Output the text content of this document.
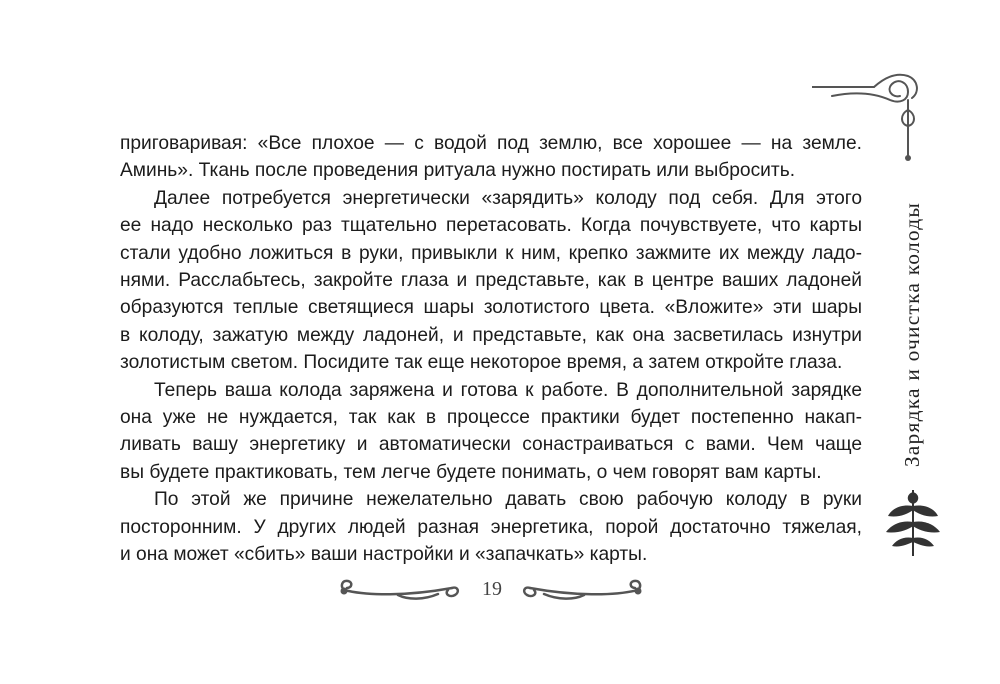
приговаривая: «Все плохое — с водой под землю, все хорошее — на земле.
Аминь». Ткань после проведения ритуала нужно постирать или выбросить.
Далее потребуется энергетически «зарядить» колоду под себя. Для этого
ее надо несколько раз тщательно перетасовать. Когда почувствуете, что карты
стали удобно ложиться в руки, привыкли к ним, крепко зажмите их между ладо-
нями. Расслабьтесь, закройте глаза и представьте, как в центре ваших ладоней
образуются теплые светящиеся шары золотистого цвета. «Вложите» эти шары
в колоду, зажатую между ладоней, и представьте, как она засветилась изнутри
золотистым светом. Посидите так еще некоторое время, а затем откройте глаза.
Теперь ваша колода заряжена и готова к работе. В дополнительной зарядке
она уже не нуждается, так как в процессе практики будет постепенно накап-
ливать вашу энергетику и автоматически сонастраиваться с вами. Чем чаще
вы будете практиковать, тем легче будете понимать, о чем говорят вам карты.
По этой же причине нежелательно давать свою рабочую колоду в руки
посторонним. У других людей разная энергетика, порой достаточно тяжелая,
и она может «сбить» ваши настройки и «запачкать» карты.
Зарядка и очистка колоды
19
